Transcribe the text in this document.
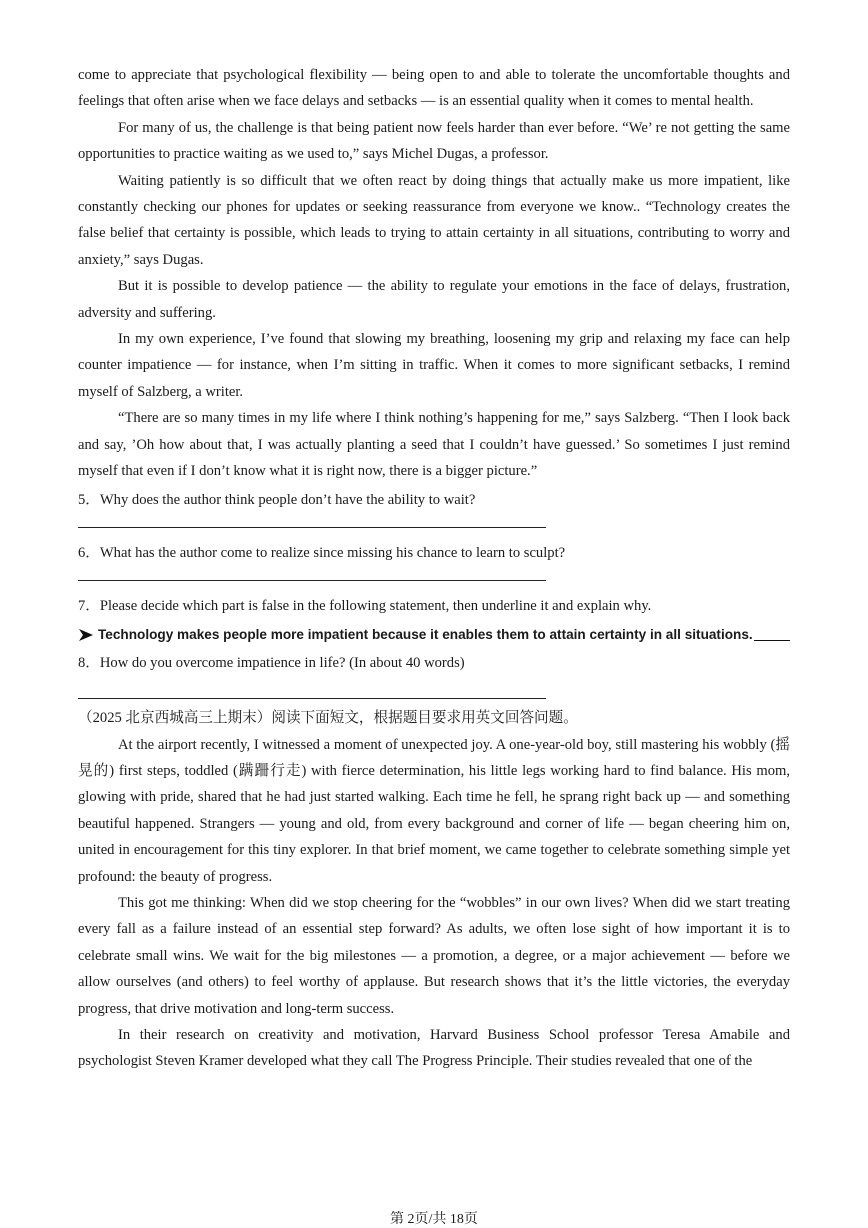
come to appreciate that psychological flexibility — being open to and able to tolerate the uncomfortable thoughts and feelings that often arise when we face delays and setbacks — is an essential quality when it comes to mental health.

For many of us, the challenge is that being patient now feels harder than ever before. “We’ re not getting the same opportunities to practice waiting as we used to,” says Michel Dugas, a professor.

Waiting patiently is so difficult that we often react by doing things that actually make us more impatient, like constantly checking our phones for updates or seeking reassurance from everyone we know.. “Technology creates the false belief that certainty is possible, which leads to trying to attain certainty in all situations, contributing to worry and anxiety,” says Dugas.

But it is possible to develop patience — the ability to regulate your emotions in the face of delays, frustration, adversity and suffering.

In my own experience, I’ve found that slowing my breathing, loosening my grip and relaxing my face can help counter impatience — for instance, when I’m sitting in traffic. When it comes to more significant setbacks, I remind myself of Salzberg, a writer.

“There are so many times in my life where I think nothing’s happening for me,” says Salzberg. “Then I look back and say, ’Oh how about that, I was actually planting a seed that I couldn’t have guessed.’ So sometimes I just remind myself that even if I don’t know what it is right now, there is a bigger picture.”

5．Why does the author think people don’t have the ability to wait?

6．What has the author come to realize since missing his chance to learn to sculpt?

7．Please decide which part is false in the following statement, then underline it and explain why.

Technology makes people more impatient because it enables them to attain certainty in all situations.

8．How do you overcome impatience in life? (In about 40 words)

（2025 北京西城高三上期末）阅读下面短文，根据题目要求用英文回答问题。

At the airport recently, I witnessed a moment of unexpected joy. A one-year-old boy, still mastering his wobbly (摇晃的) first steps, toddled (蹒跚行走) with fierce determination, his little legs working hard to find balance. His mom, glowing with pride, shared that he had just started walking. Each time he fell, he sprang right back up — and something beautiful happened. Strangers — young and old, from every background and corner of life — began cheering him on, united in encouragement for this tiny explorer. In that brief moment, we came together to celebrate something simple yet profound: the beauty of progress.

This got me thinking: When did we stop cheering for the “wobbles” in our own lives? When did we start treating every fall as a failure instead of an essential step forward? As adults, we often lose sight of how important it is to celebrate small wins. We wait for the big milestones — a promotion, a degree, or a major achievement — before we allow ourselves (and others) to feel worthy of applause. But research shows that it’s the little victories, the everyday progress, that drive motivation and long-term success.

In their research on creativity and motivation, Harvard Business School professor Teresa Amabile and psychologist Steven Kramer developed what they call The Progress Principle. Their studies revealed that one of the

第 2页/共 18页
